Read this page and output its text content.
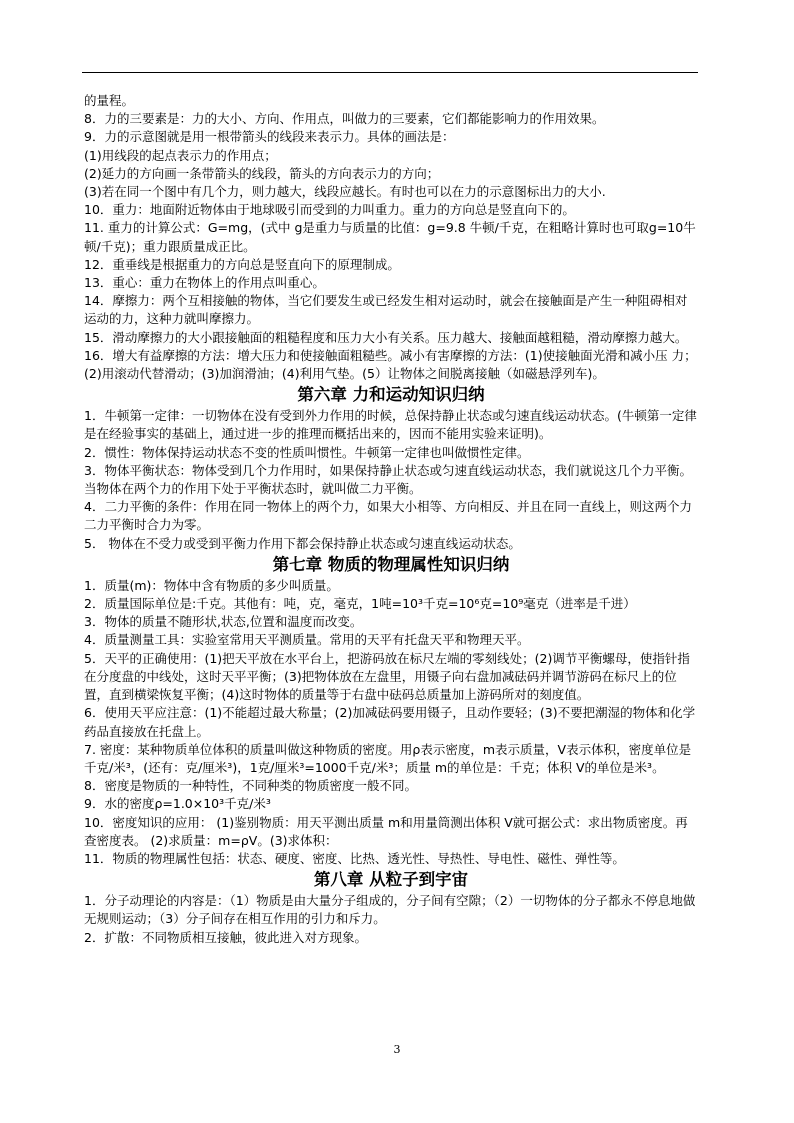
的量程。
8．力的三要素是：力的大小、方向、作用点，叫做力的三要素，它们都能影响力的作用效果。
9．力的示意图就是用一根带箭头的线段来表示力。具体的画法是：
(1)用线段的起点表示力的作用点；
(2)延力的方向画一条带箭头的线段，箭头的方向表示力的方向；
(3)若在同一个图中有几个力，则力越大，线段应越长。有时也可以在力的示意图标出力的大小.
10．重力：地面附近物体由于地球吸引而受到的力叫重力。重力的方向总是竖直向下的。
11. 重力的计算公式：G=mg，(式中 g是重力与质量的比值：g=9.8 牛顿/千克，在粗略计算时也可取g=10牛顿/千克)；重力跟质量成正比。
12．重垂线是根据重力的方向总是竖直向下的原理制成。
13．重心：重力在物体上的作用点叫重心。
14．摩擦力：两个互相接触的物体，当它们要发生或已经发生相对运动时，就会在接触面是产生一种阻碍相对运动的力，这种力就叫摩擦力。
15．滑动摩擦力的大小跟接触面的粗糙程度和压力大小有关系。压力越大、接触面越粗糙，滑动摩擦力越大。
16．增大有益摩擦的方法：增大压力和使接触面粗糙些。减小有害摩擦的方法：(1)使接触面光滑和减小压 力；(2)用滚动代替滑动；(3)加润滑油；(4)利用气垫。(5）让物体之间脱离接触（如磁悬浮列车)。
第六章 力和运动知识归纳
1．牛顿第一定律：一切物体在没有受到外力作用的时候，总保持静止状态或匀速直线运动状态。(牛顿第一定律是在经验事实的基础上，通过进一步的推理而概括出来的，因而不能用实验来证明)。
2．惯性：物体保持运动状态不变的性质叫惯性。牛顿第一定律也叫做惯性定律。
3．物体平衡状态：物体受到几个力作用时，如果保持静止状态或匀速直线运动状态，我们就说这几个力平衡。当物体在两个力的作用下处于平衡状态时，就叫做二力平衡。
4．二力平衡的条件：作用在同一物体上的两个力，如果大小相等、方向相反、并且在同一直线上，则这两个力二力平衡时合力为零。
5． 物体在不受力或受到平衡力作用下都会保持静止状态或匀速直线运动状态。
第七章 物质的物理属性知识归纳
1．质量(m)：物体中含有物质的多少叫质量。
2．质量国际单位是:千克。其他有：吨，克，毫克，1吨=10³千克=10⁶克=10⁹毫克（进率是千进）
3．物体的质量不随形状,状态,位置和温度而改变。
4．质量测量工具：实验室常用天平测质量。常用的天平有托盘天平和物理天平。
5．天平的正确使用：(1)把天平放在水平台上，把游码放在标尺左端的零刻线处；(2)调节平衡螺母，使指针指在分度盘的中线处，这时天平平衡；(3)把物体放在左盘里，用镊子向右盘加减砝码并调节游码在标尺上的位置，直到横梁恢复平衡；(4)这时物体的质量等于右盘中砝码总质量加上游码所对的刻度值。
6．使用天平应注意：(1)不能超过最大称量；(2)加减砝码要用镊子，且动作要轻；(3)不要把潮湿的物体和化学药品直接放在托盘上。
7. 密度：某种物质单位体积的质量叫做这种物质的密度。用ρ表示密度，m表示质量，V表示体积，密度单位是千克/米³，(还有：克/厘米³)，1克/厘米³=1000千克/米³；质量 m的单位是：千克；体积 V的单位是米³。
8．密度是物质的一种特性，不同种类的物质密度一般不同。
9．水的密度ρ=1.0×10³千克/米³
10．密度知识的应用： (1)鉴别物质：用天平测出质量 m和用量筒测出体积 V就可据公式：求出物质密度。再查密度表。 (2)求质量：m=ρV。(3)求体积：
11．物质的物理属性包括：状态、硬度、密度、比热、透光性、导热性、导电性、磁性、弹性等。
第八章 从粒子到宇宙
1．分子动理论的内容是：（1）物质是由大量分子组成的，分子间有空隙；（2）一切物体的分子都永不停息地做无规则运动；（3）分子间存在相互作用的引力和斥力。
2．扩散：不同物质相互接触，彼此进入对方现象。
3
